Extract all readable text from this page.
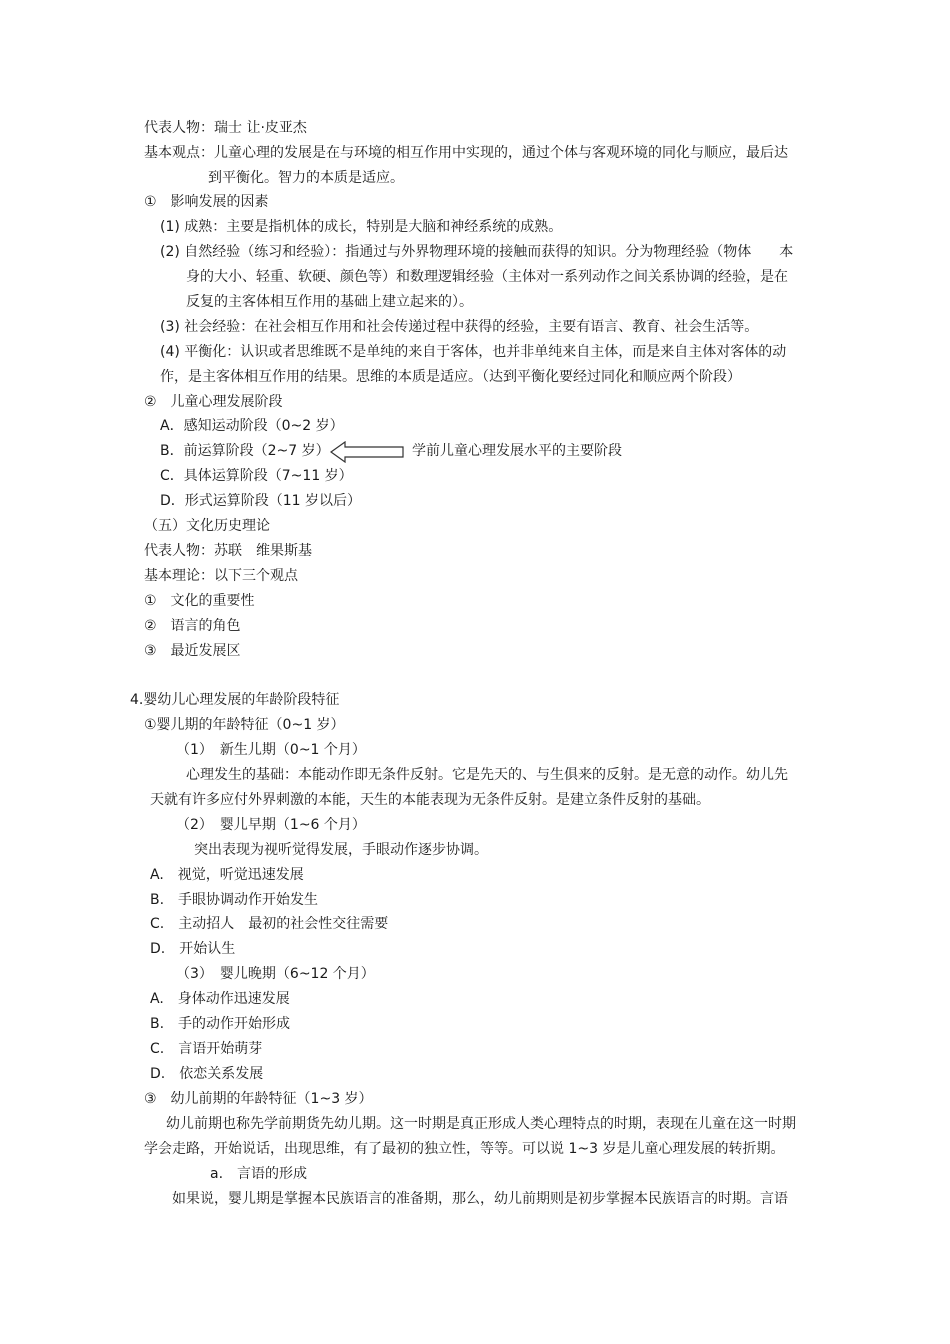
代表人物：瑞士 让·皮亚杰
基本观点：儿童心理的发展是在与环境的相互作用中实现的，通过个体与客观环境的同化与顺应，最后达
到平衡化。智力的本质是适应。
①　影响发展的因素
(1) 成熟：主要是指机体的成长，特别是大脑和神经系统的成熟。
(2) 自然经验（练习和经验）：指通过与外界物理环境的接触而获得的知识。分为物理经验（物体　　本
身的大小、轻重、软硬、颜色等）和数理逻辑经验（主体对一系列动作之间关系协调的经验，是在
反复的主客体相互作用的基础上建立起来的）。
(3) 社会经验：在社会相互作用和社会传递过程中获得的经验，主要有语言、教育、社会生活等。
(4) 平衡化：认识或者思维既不是单纯的来自于客体，也并非单纯来自主体，而是来自主体对客体的动
作，是主客体相互作用的结果。思维的本质是适应。（达到平衡化要经过同化和顺应两个阶段）
②　儿童心理发展阶段
A．感知运动阶段（0~2 岁）
B．前运算阶段（2~7 岁）	学前儿童心理发展水平的主要阶段
C．具体运算阶段（7~11 岁）
D．形式运算阶段（11 岁以后）
（五）文化历史理论
代表人物：苏联　维果斯基
基本理论：以下三个观点
①　文化的重要性
②　语言的角色
③　最近发展区
4.婴幼儿心理发展的年龄阶段特征
①婴儿期的年龄特征（0~1 岁）
（1）　新生儿期（0~1 个月）
心理发生的基础：本能动作即无条件反射。它是先天的、与生俱来的反射。是无意的动作。幼儿先
天就有许多应付外界刺激的本能，天生的本能表现为无条件反射。是建立条件反射的基础。
（2）　婴儿早期（1~6 个月）
突出表现为视听觉得发展，手眼动作逐步协调。
A.　视觉，听觉迅速发展
B.　手眼协调动作开始发生
C.　主动招人　最初的社会性交往需要
D.　开始认生
（3）　婴儿晚期（6~12 个月）
A.　身体动作迅速发展
B.　手的动作开始形成
C.　言语开始萌芽
D.　依恋关系发展
③　幼儿前期的年龄特征（1~3 岁）
幼儿前期也称先学前期货先幼儿期。这一时期是真正形成人类心理特点的时期，表现在儿童在这一时期
学会走路，开始说话，出现思维，有了最初的独立性，等等。可以说 1~3 岁是儿童心理发展的转折期。
a.　言语的形成
如果说，婴儿期是掌握本民族语言的准备期，那么，幼儿前期则是初步掌握本民族语言的时期。言语
